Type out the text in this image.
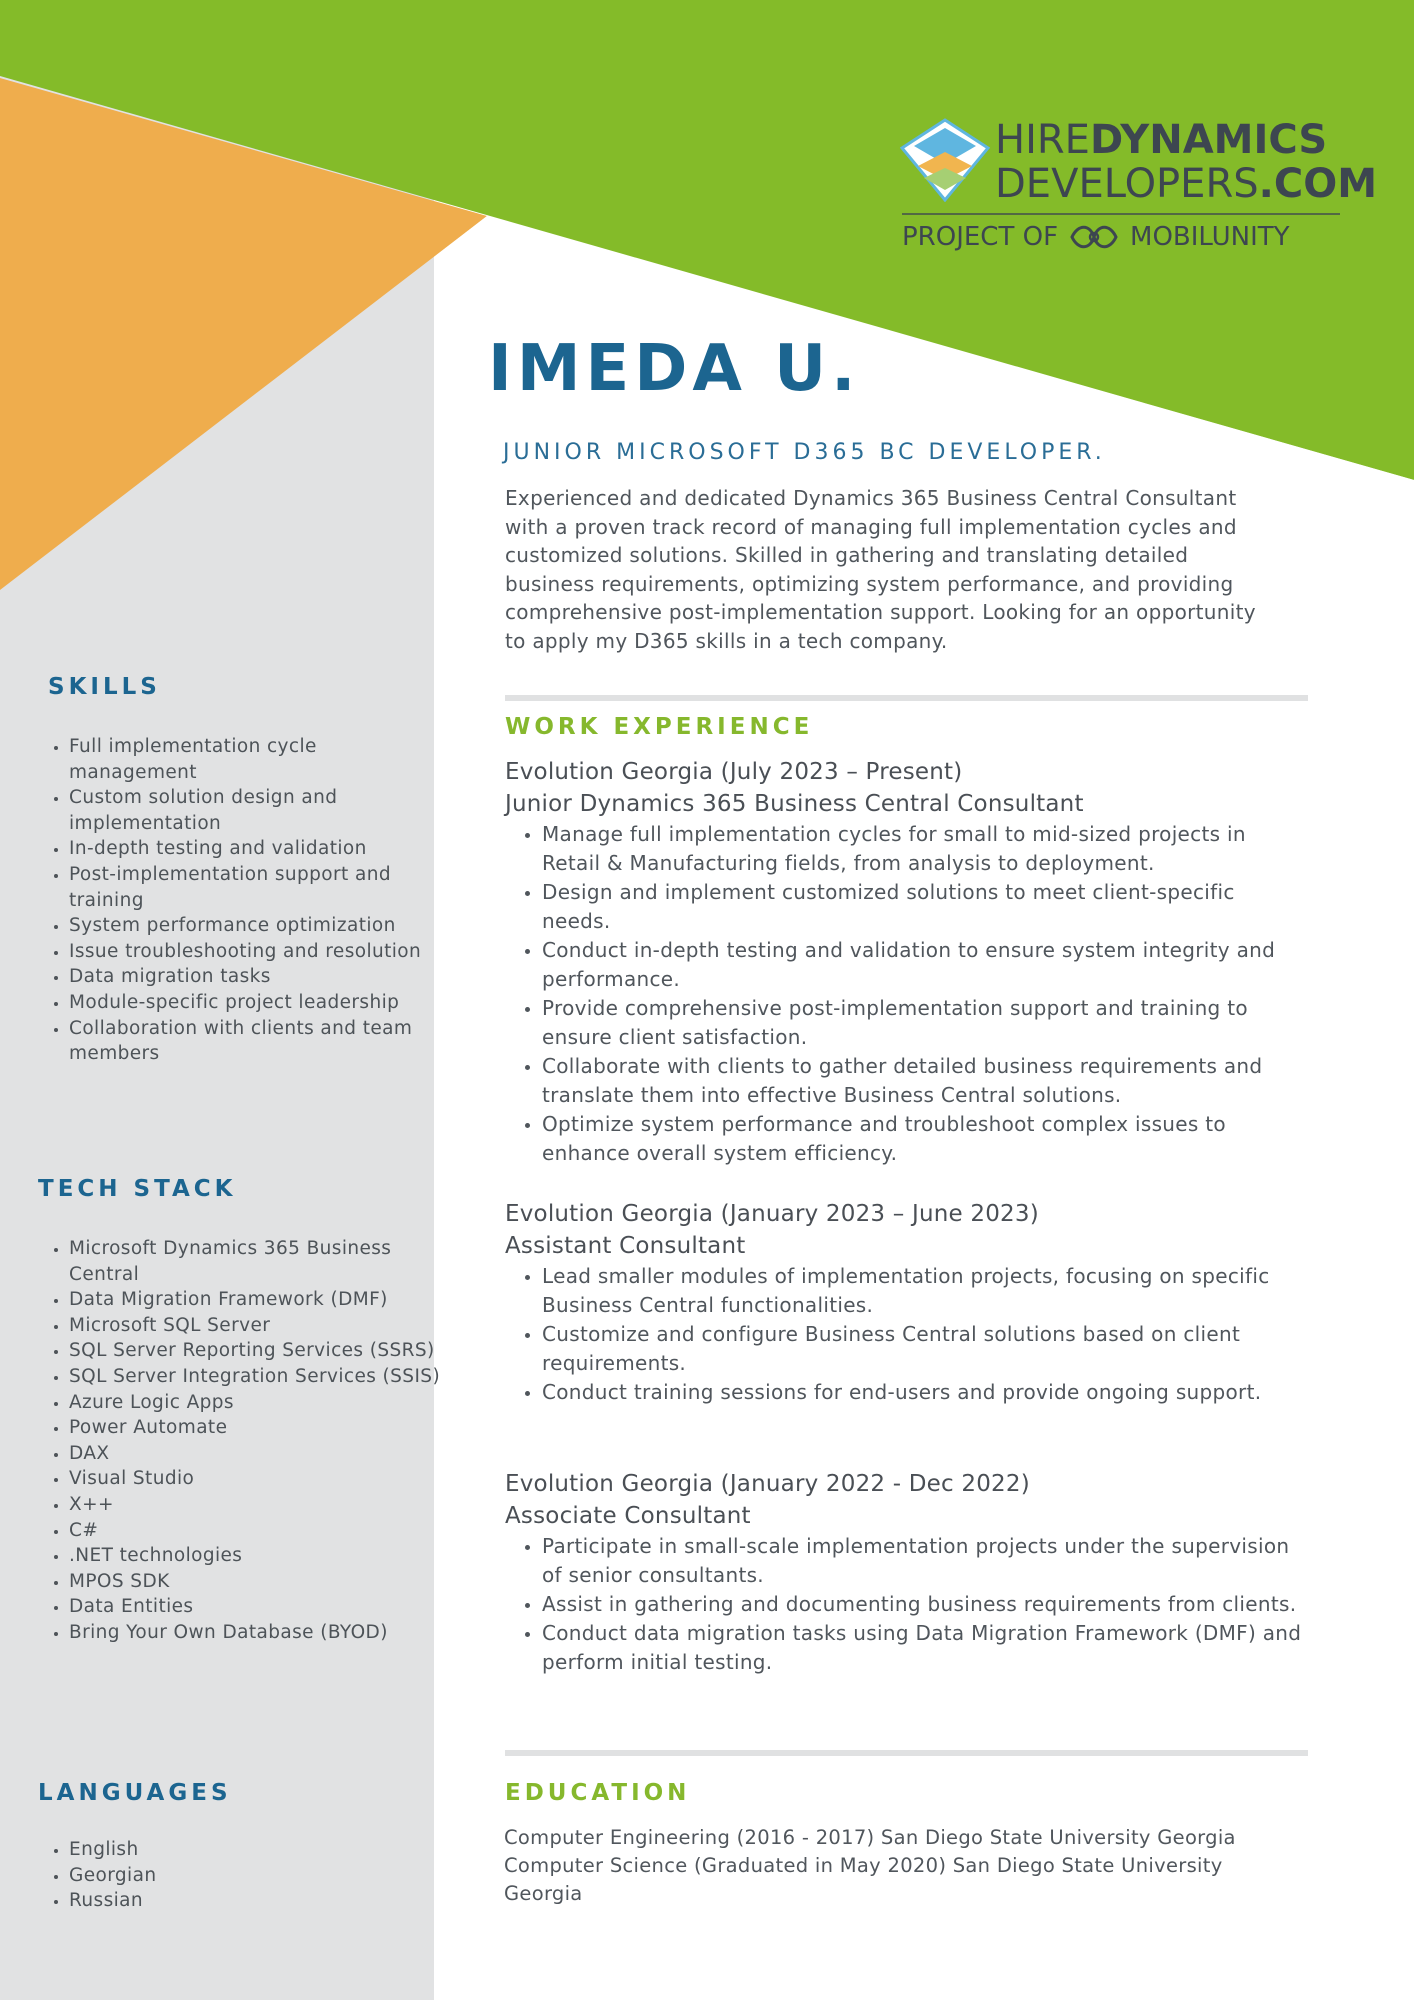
SKILLS
• Full implementation cycle management
• Custom solution design and implementation
• In-depth testing and validation
• Post-implementation support and training
• System performance optimization
• Issue troubleshooting and resolution
• Data migration tasks
• Module-specific project leadership
• Collaboration with clients and team members
TECH STACK
• Microsoft Dynamics 365 Business Central
• Data Migration Framework (DMF)
• Microsoft SQL Server
• SQL Server Reporting Services (SSRS)
• SQL Server Integration Services (SSIS)
• Azure Logic Apps
• Power Automate
• DAX
• Visual Studio
• X++
• C#
• .NET technologies
• MPOS SDK
• Data Entities
• Bring Your Own Database (BYOD)
LANGUAGES
• English
• Georgian
• Russian
HIREDYNAMICS
DEVELOPERS.COM
PROJECT OF	MOBILUNITY
IMEDA U.
JUNIOR MICROSOFT D365 BC DEVELOPER.

Experienced and dedicated Dynamics 365 Business Central Consultant with a proven track record of managing full implementation cycles and customized solutions. Skilled in gathering and translating detailed business requirements, optimizing system performance, and providing comprehensive post-implementation support. Looking for an opportunity to apply my D365 skills in a tech company.

WORK EXPERIENCE
Evolution Georgia (July 2023 – Present)
Junior Dynamics 365 Business Central Consultant
• Manage full implementation cycles for small to mid-sized projects in Retail & Manufacturing fields, from analysis to deployment.
• Design and implement customized solutions to meet client-specific needs.
• Conduct in-depth testing and validation to ensure system integrity and performance.
• Provide comprehensive post-implementation support and training to ensure client satisfaction.
• Collaborate with clients to gather detailed business requirements and translate them into effective Business Central solutions.
• Optimize system performance and troubleshoot complex issues to enhance overall system efficiency.
Evolution Georgia (January 2023 – June 2023)
Assistant Consultant
• Lead smaller modules of implementation projects, focusing on specific Business Central functionalities.
• Customize and configure Business Central solutions based on client requirements.
• Conduct training sessions for end-users and provide ongoing support.
Evolution Georgia (January 2022 - Dec 2022)
Associate Consultant
• Participate in small-scale implementation projects under the supervision of senior consultants.
• Assist in gathering and documenting business requirements from clients.
• Conduct data migration tasks using Data Migration Framework (DMF) and perform initial testing.
EDUCATION
Computer Engineering (2016 - 2017) San Diego State University Georgia
Computer Science (Graduated in May 2020) San Diego State University Georgia
